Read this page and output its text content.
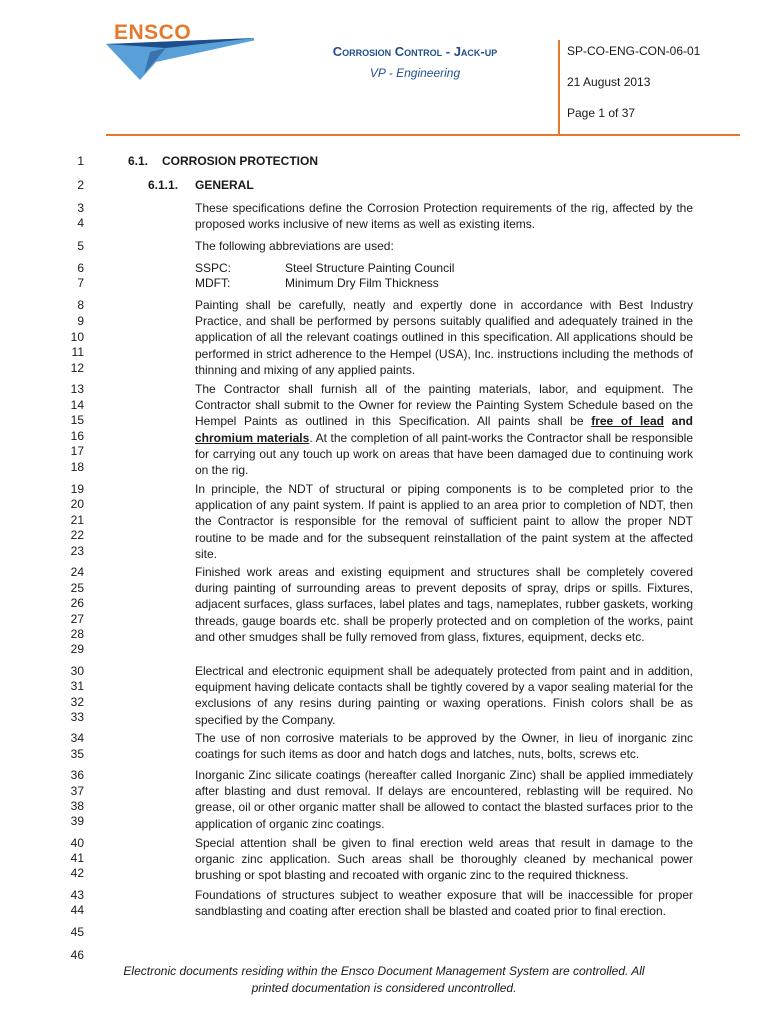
ENSCO
Corrosion Control - Jack-up
VP - Engineering
SP-CO-ENG-CON-06-01
21 August 2013
Page 1 of 37
1
2
3
4
5
6
7
8
9
10
11
12
13
14
15
16
17
18
19
20
21
22
23
24
25
26
27
28
29
30
31
32
33
34
35
36
37
38
39
40
41
42
43
44
45
46
6.1. CORROSION PROTECTION
6.1.1. GENERAL
These specifications define the Corrosion Protection requirements of the rig, affected by the proposed works inclusive of new items as well as existing items.
The following abbreviations are used:
SSPC:	Steel Structure Painting Council
MDFT:	Minimum Dry Film Thickness
Painting shall be carefully, neatly and expertly done in accordance with Best Industry Practice, and shall be performed by persons suitably qualified and adequately trained in the application of all the relevant coatings outlined in this specification. All applications should be performed in strict adherence to the Hempel (USA), Inc. instructions including the methods of thinning and mixing of any applied paints.
The Contractor shall furnish all of the painting materials, labor, and equipment. The Contractor shall submit to the Owner for review the Painting System Schedule based on the Hempel Paints as outlined in this Specification. All paints shall be free of lead and chromium materials. At the completion of all paint-works the Contractor shall be responsible for carrying out any touch up work on areas that have been damaged due to continuing work on the rig.
In principle, the NDT of structural or piping components is to be completed prior to the application of any paint system. If paint is applied to an area prior to completion of NDT, then the Contractor is responsible for the removal of sufficient paint to allow the proper NDT routine to be made and for the subsequent reinstallation of the paint system at the affected site.
Finished work areas and existing equipment and structures shall be completely covered during painting of surrounding areas to prevent deposits of spray, drips or spills. Fixtures, adjacent surfaces, glass surfaces, label plates and tags, nameplates, rubber gaskets, working threads, gauge boards etc. shall be properly protected and on completion of the works, paint and other smudges shall be fully removed from glass, fixtures, equipment, decks etc.
Electrical and electronic equipment shall be adequately protected from paint and in addition, equipment having delicate contacts shall be tightly covered by a vapor sealing material for the exclusions of any resins during painting or waxing operations. Finish colors shall be as specified by the Company.
The use of non corrosive materials to be approved by the Owner, in lieu of inorganic zinc coatings for such items as door and hatch dogs and latches, nuts, bolts, screws etc.
Inorganic Zinc silicate coatings (hereafter called Inorganic Zinc) shall be applied immediately after blasting and dust removal. If delays are encountered, reblasting will be required. No grease, oil or other organic matter shall be allowed to contact the blasted surfaces prior to the application of organic zinc coatings.
Special attention shall be given to final erection weld areas that result in damage to the organic zinc application. Such areas shall be thoroughly cleaned by mechanical power brushing or spot blasting and recoated with organic zinc to the required thickness.
Foundations of structures subject to weather exposure that will be inaccessible for proper sandblasting and coating after erection shall be blasted and coated prior to final erection.
Electronic documents residing within the Ensco Document Management System are controlled. All
printed documentation is considered uncontrolled.
